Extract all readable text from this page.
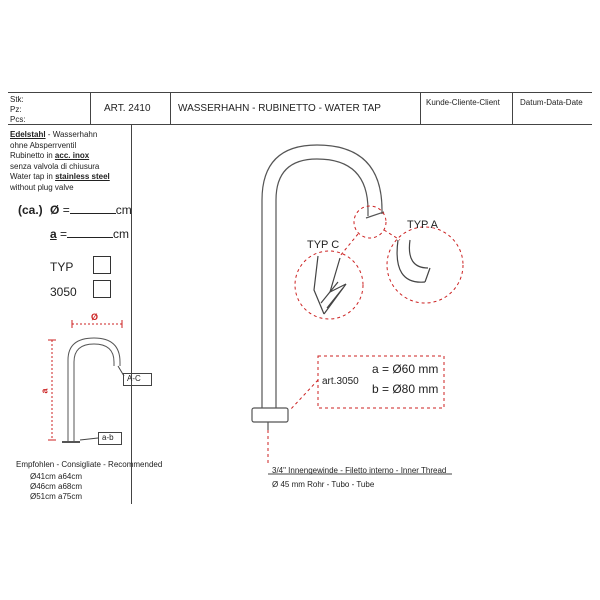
Stk:
Pz:
Pcs:
ART. 2410	WASSERHAHN - RUBINETTO - WATER TAP
Kunde-Cliente-Client	Datum-Data-Date
Edelstahl - Wasserhahn
ohne Absperrventil
Rubinetto in acc. inox
senza valvola di chiusura
Water tap in stainless steel
without plug valve
(ca.) Ø =	cm
a =	cm
TYP
3050
Ø
a
A-C
a-b
Empfohlen - Consigliate - Recommended
Ø41cm a64cm
Ø46cm a68cm
Ø51cm a75cm
TYP C
TYP A
art.3050
a = Ø60 mm
b = Ø80 mm
3/4" Innengewinde - Filetto interno - Inner Thread
Ø 45 mm Rohr - Tubo - Tube
